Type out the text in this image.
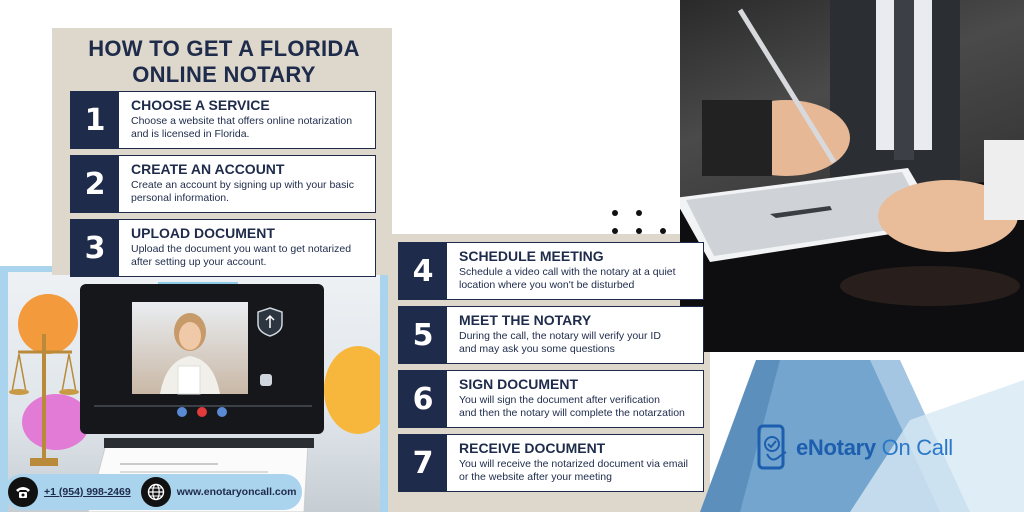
eNotary On Call
HOW TO GET A FLORIDA
ONLINE NOTARY
1	CHOOSE A SERVICE
Choose a website that offers online notarization
and is licensed in Florida.
2	CREATE AN ACCOUNT
Create an account by signing up with your basic
personal information.
3	UPLOAD DOCUMENT
Upload the document you want to get notarized
after setting up your account.	4	SCHEDULE MEETING
Schedule a video call with the notary at a quiet
location where you won't be disturbed
5	MEET THE NOTARY
During the call, the notary will verify your ID
and may ask you some questions
6	SIGN DOCUMENT
You will sign the document after verification
and then the notary will complete the notarzation
7	RECEIVE DOCUMENT
You will receive the notarized document via email
or the website after your meeting
+1 (954) 998-2469	www.enotaryoncall.com
